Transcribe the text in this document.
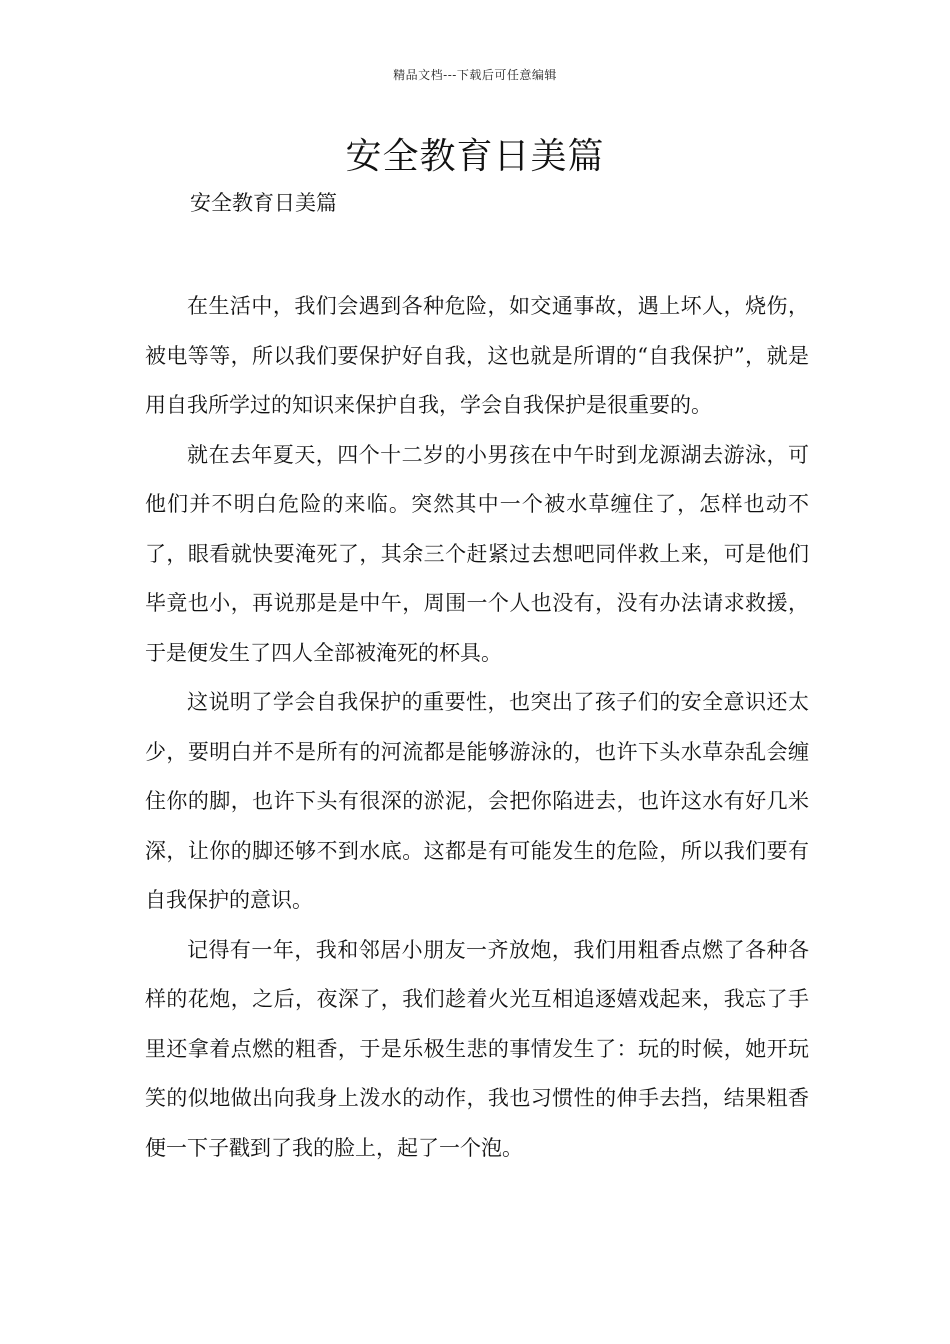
精品文档---下载后可任意编辑
安全教育日美篇

安全教育日美篇

在生活中，我们会遇到各种危险，如交通事故，遇上坏人，烧伤，被电等等，所以我们要保护好自我，这也就是所谓的“自我保护”，就是用自我所学过的知识来保护自我，学会自我保护是很重要的。

就在去年夏天，四个十二岁的小男孩在中午时到龙源湖去游泳，可他们并不明白危险的来临。突然其中一个被水草缠住了，怎样也动不了，眼看就快要淹死了，其余三个赶紧过去想吧同伴救上来，可是他们毕竟也小，再说那是是中午，周围一个人也没有，没有办法请求救援，于是便发生了四人全部被淹死的杯具。

这说明了学会自我保护的重要性，也突出了孩子们的安全意识还太少，要明白并不是所有的河流都是能够游泳的，也许下头水草杂乱会缠住你的脚，也许下头有很深的淤泥，会把你陷进去，也许这水有好几米深，让你的脚还够不到水底。这都是有可能发生的危险，所以我们要有自我保护的意识。

记得有一年，我和邻居小朋友一齐放炮，我们用粗香点燃了各种各样的花炮，之后，夜深了，我们趁着火光互相追逐嬉戏起来，我忘了手里还拿着点燃的粗香，于是乐极生悲的事情发生了：玩的时候，她开玩笑的似地做出向我身上泼水的动作，我也习惯性的伸手去挡，结果粗香便一下子戳到了我的脸上，起了一个泡。
